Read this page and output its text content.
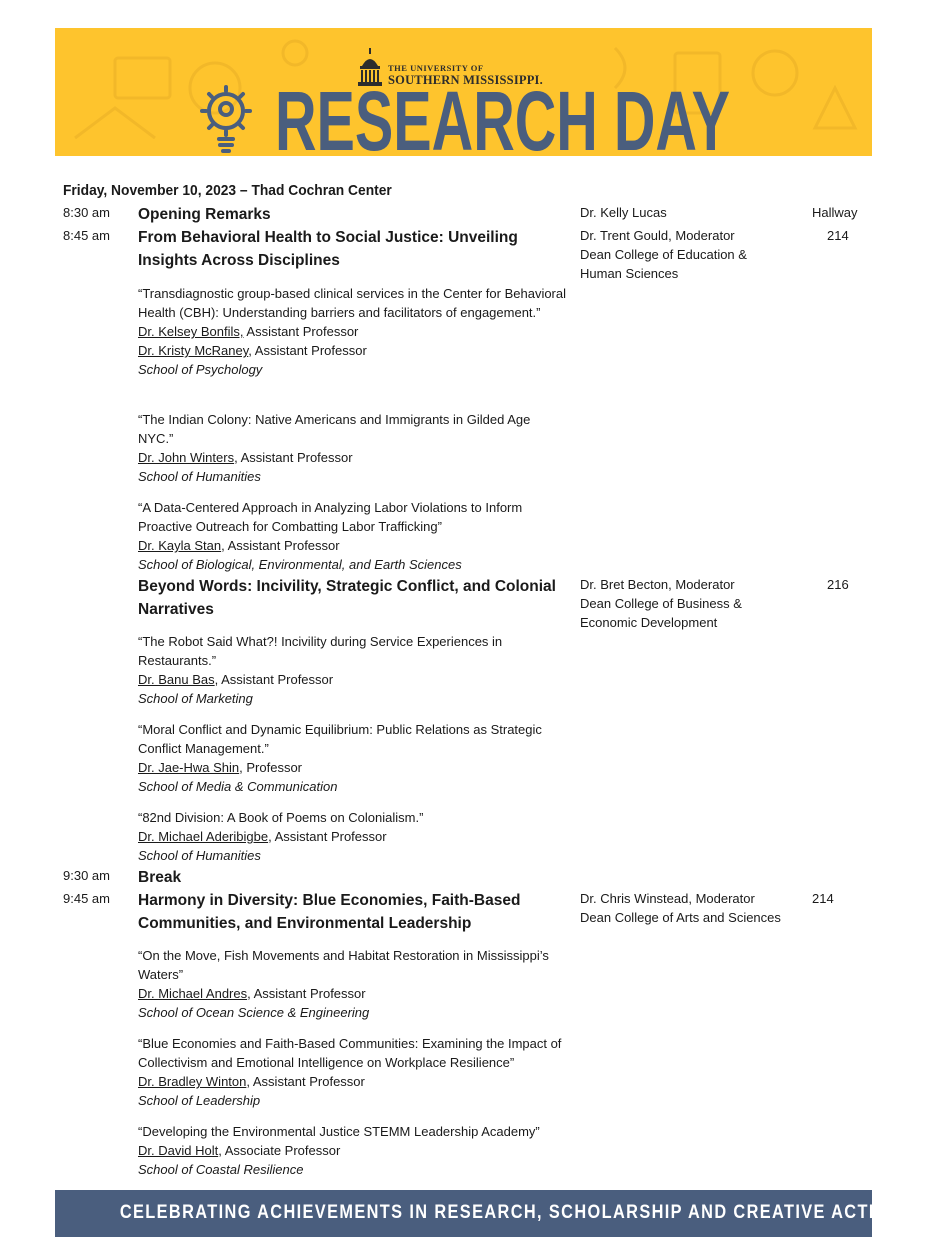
THE UNIVERSITY OF
SOUTHERN MISSISSIPPI.
RESEARCH DAY
Friday, November 10, 2023 – Thad Cochran Center
8:30 am Opening Remarks	Dr. Kelly Lucas	Hallway
8:45 am From Behavioral Health to Social Justice: Unveiling Insights Across Disciplines
Dr. Trent Gould, Moderator
Dean College of Education &
Human Sciences
214
“Transdiagnostic group-based clinical services in the Center for Behavioral Health (CBH): Understanding barriers and facilitators of engagement.”
Dr. Kelsey Bonfils, Assistant Professor
Dr. Kristy McRaney, Assistant Professor
School of Psychology
“The Indian Colony: Native Americans and Immigrants in Gilded Age NYC.”
Dr. John Winters, Assistant Professor
School of Humanities
“A Data-Centered Approach in Analyzing Labor Violations to Inform Proactive Outreach for Combatting Labor Trafficking”
Dr. Kayla Stan, Assistant Professor
School of Biological, Environmental, and Earth Sciences
Beyond Words: Incivility, Strategic Conflict, and Colonial Narratives
Dr. Bret Becton, Moderator
Dean College of Business &
Economic Development
216
“The Robot Said What?! Incivility during Service Experiences in Restaurants.”
Dr. Banu Bas, Assistant Professor
School of Marketing
“Moral Conflict and Dynamic Equilibrium: Public Relations as Strategic Conflict Management.”
Dr. Jae-Hwa Shin, Professor
School of Media & Communication
“82nd Division: A Book of Poems on Colonialism.”
Dr. Michael Aderibigbe, Assistant Professor
School of Humanities
9:30 am Break
9:45 am Harmony in Diversity: Blue Economies, Faith-Based Communities, and Environmental Leadership
Dr. Chris Winstead, Moderator
Dean College of Arts and Sciences
214
“On the Move, Fish Movements and Habitat Restoration in Mississippi’s Waters”
Dr. Michael Andres, Assistant Professor
School of Ocean Science & Engineering
“Blue Economies and Faith-Based Communities: Examining the Impact of Collectivism and Emotional Intelligence on Workplace Resilience”
Dr. Bradley Winton, Assistant Professor
School of Leadership
“Developing the Environmental Justice STEMM Leadership Academy”
Dr. David Holt, Associate Professor
School of Coastal Resilience
CELEBRATING ACHIEVEMENTS IN RESEARCH, SCHOLARSHIP AND CREATIVE ACTIVITY
